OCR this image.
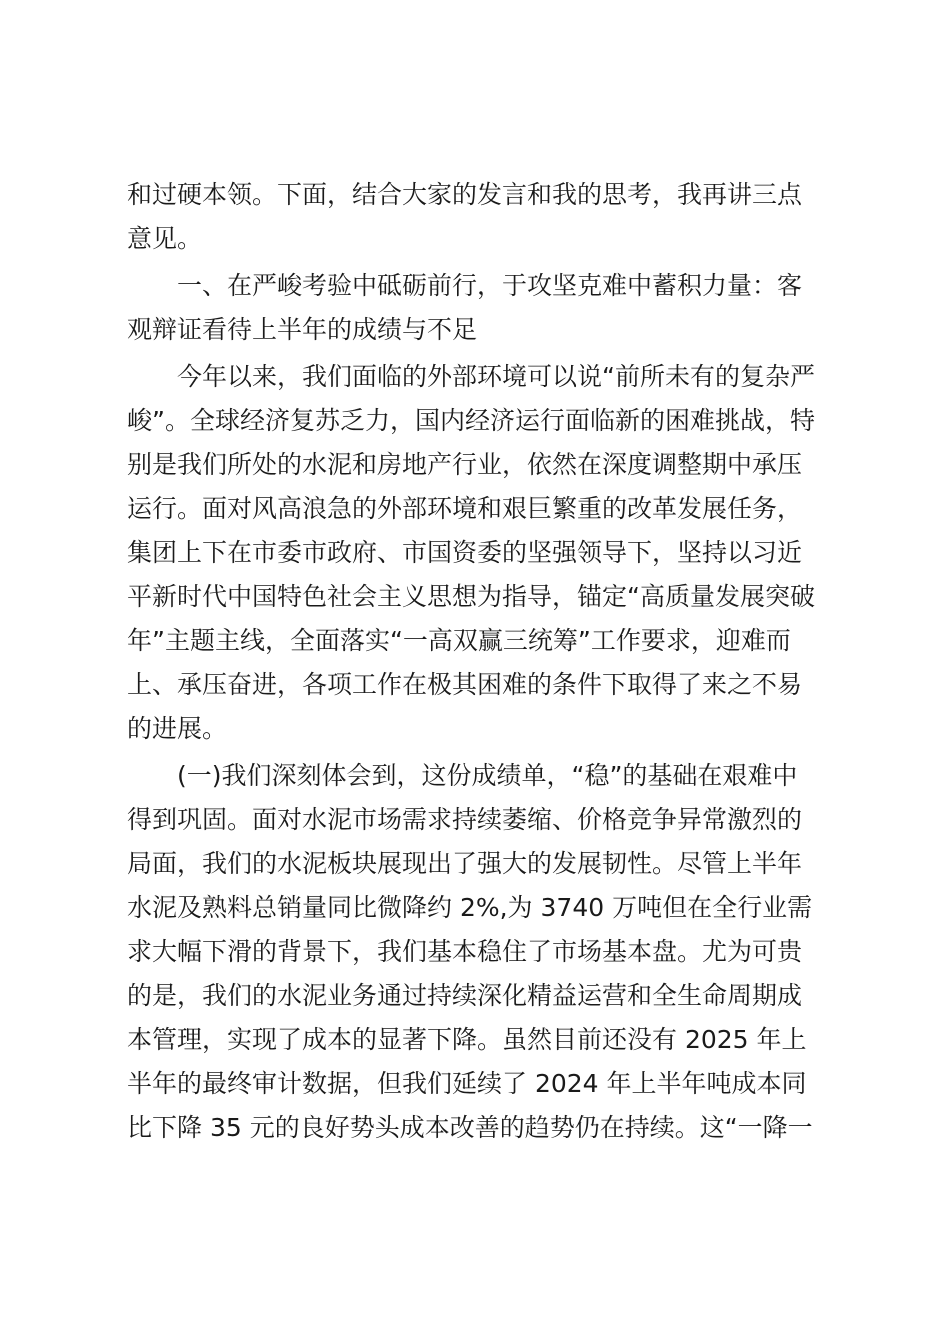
和过硬本领。下面，结合大家的发言和我的思考，我再讲三点
意见。
一、在严峻考验中砥砺前行，于攻坚克难中蓄积力量：客
观辩证看待上半年的成绩与不足
今年以来，我们面临的外部环境可以说“前所未有的复杂严
峻”。全球经济复苏乏力，国内经济运行面临新的困难挑战，特
别是我们所处的水泥和房地产行业，依然在深度调整期中承压
运行。面对风高浪急的外部环境和艰巨繁重的改革发展任务，
集团上下在市委市政府、市国资委的坚强领导下，坚持以习近
平新时代中国特色社会主义思想为指导，锚定“高质量发展突破
年”主题主线，全面落实“一高双赢三统筹”工作要求，迎难而
上、承压奋进，各项工作在极其困难的条件下取得了来之不易
的进展。
(一)我们深刻体会到，这份成绩单，“稳”的基础在艰难中
得到巩固。面对水泥市场需求持续萎缩、价格竞争异常激烈的
局面，我们的水泥板块展现出了强大的发展韧性。尽管上半年
水泥及熟料总销量同比微降约 2%,为 3740 万吨但在全行业需
求大幅下滑的背景下，我们基本稳住了市场基本盘。尤为可贵
的是，我们的水泥业务通过持续深化精益运营和全生命周期成
本管理，实现了成本的显著下降。虽然目前还没有 2025 年上
半年的最终审计数据，但我们延续了 2024 年上半年吨成本同
比下降 35 元的良好势头成本改善的趋势仍在持续。这“一降一
